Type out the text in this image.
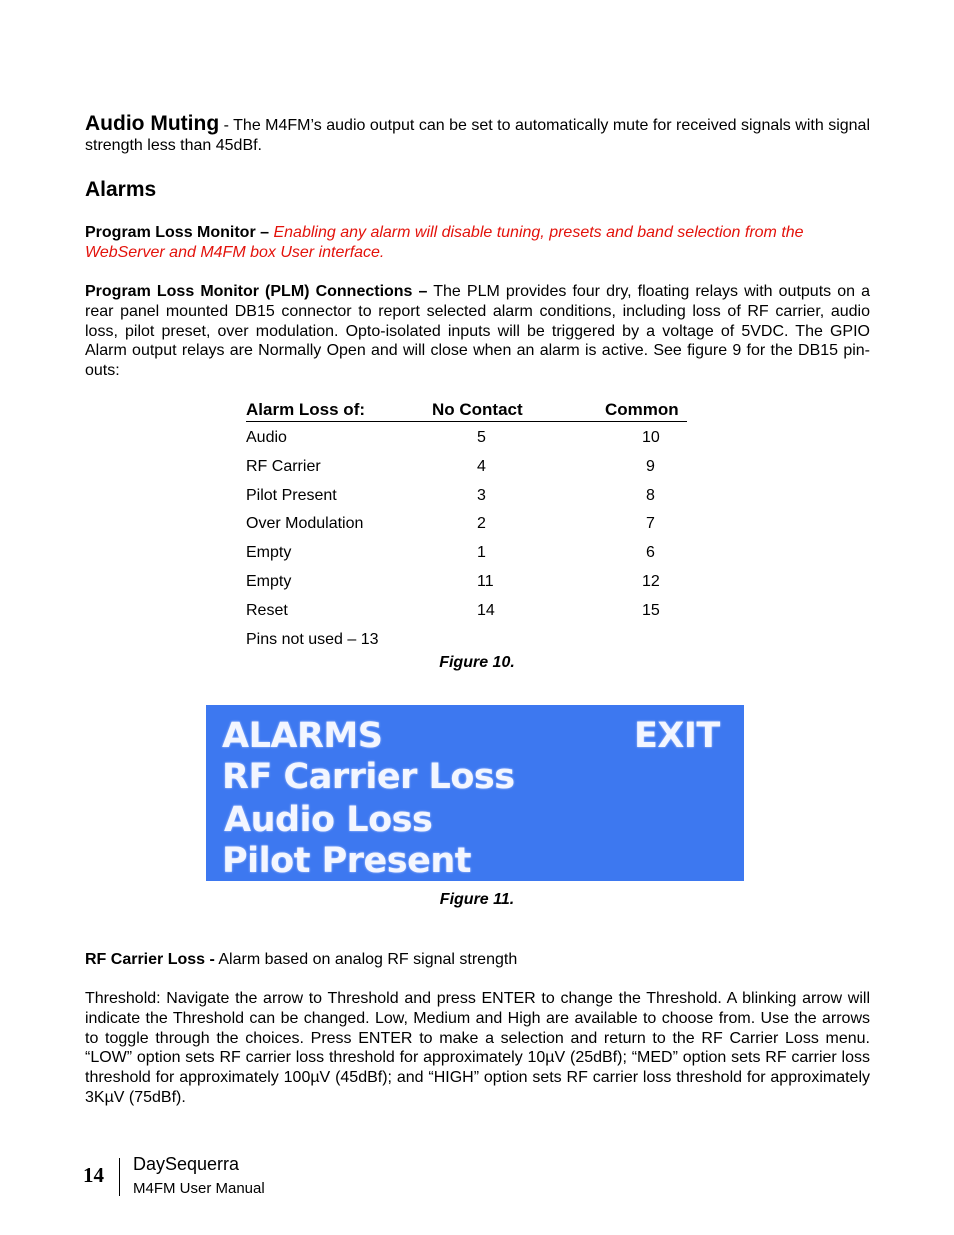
Audio Muting - The M4FM’s audio output can be set to automatically mute for received signals with signal strength less than 45dBf.
Alarms
Program Loss Monitor – Enabling any alarm will disable tuning, presets and band selection from the WebServer and M4FM box User interface.
Program Loss Monitor (PLM) Connections – The PLM provides four dry, floating relays with outputs on a rear panel mounted DB15 connector to report selected alarm conditions, including loss of RF carrier, audio loss, pilot preset, over modulation. Opto-isolated inputs will be triggered by a voltage of 5VDC. The GPIO Alarm output relays are Normally Open and will close when an alarm is active. See figure 9 for the DB15 pin-outs:
Alarm Loss of:	No Contact	Common
Audio	5	10
RF Carrier	4	9
Pilot Present	3	8
Over Modulation	2	7
Empty	1	6
Empty	11	12
Reset	14	15
Pins not used – 13
Figure 10.
ALARMS	EXIT
RF Carrier Loss
Audio Loss
Pilot Present
Figure 11.
RF Carrier Loss - Alarm based on analog RF signal strength
Threshold: Navigate the arrow to Threshold and press ENTER to change the Threshold. A blinking arrow will indicate the Threshold can be changed. Low, Medium and High are available to choose from. Use the arrows to toggle through the choices. Press ENTER to make a selection and return to the RF Carrier Loss menu. “LOW” option sets RF carrier loss threshold for approximately 10µV (25dBf); “MED” option sets RF carrier loss threshold for approximately 100µV (45dBf); and “HIGH” option sets RF carrier loss threshold for approximately 3KµV (75dBf).
14 DaySequerra
M4FM User Manual
